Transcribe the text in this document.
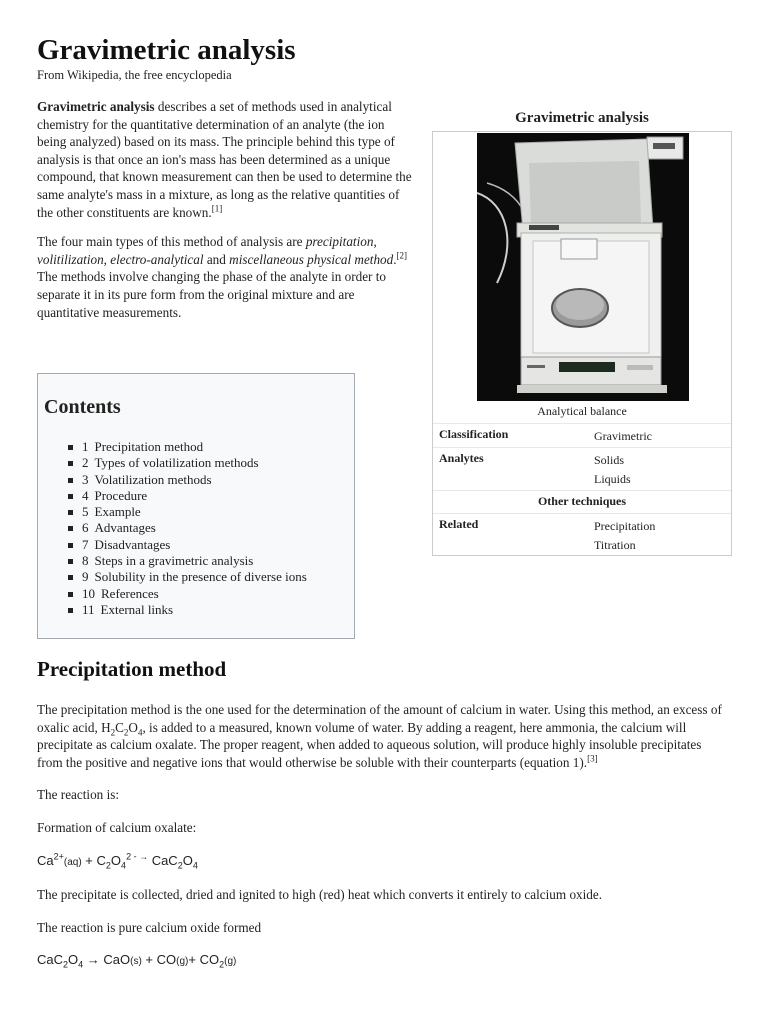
Gravimetric analysis
From Wikipedia, the free encyclopedia

Gravimetric analysis describes a set of methods used in analytical chemistry for the quantitative determination of an analyte (the ion being analyzed) based on its mass. The principle behind this type of analysis is that once an ion's mass has been determined as a unique compound, that known measurement can then be used to determine the same analyte's mass in a mixture, as long as the relative quantities of the other constituents are known.[1]

The four main types of this method of analysis are precipitation, volitilization, electro-analytical and miscellaneous physical method.[2] The methods involve changing the phase of the analyte in order to separate it in its pure form from the original mixture and are quantitative measurements.

Contents
1 Precipitation method
2 Types of volatilization methods
3 Volatilization methods
4 Procedure
5 Example
6 Advantages
7 Disadvantages
8 Steps in a gravimetric analysis
9 Solubility in the presence of diverse ions
10 References
11 External links
Gravimetric analysis
Analytical balance
Classification	Gravimetric
Analytes	Solids
Liquids
Other techniques
Related	Precipitation
Titration
Precipitation method

The precipitation method is the one used for the determination of the amount of calcium in water. Using this method, an excess of oxalic acid, $H_2C_2O_4$, is added to a measured, known volume of water. By adding a reagent, here ammonia, the calcium will precipitate as calcium oxalate. The proper reagent, when added to aqueous solution, will produce highly insoluble precipitates from the positive and negative ions that would otherwise be soluble with their counterparts (equation 1).[3]

The reaction is:

Formation of calcium oxalate:

$Ca^{2+}(aq) + C_2O_4^{2 -}$ → $CaC_2O_4$

The precipitate is collected, dried and ignited to high (red) heat which converts it entirely to calcium oxide.

The reaction is pure calcium oxide formed

$CaC_2O_4 \to CaO(s) + CO(g)+ CO_2(g)$
